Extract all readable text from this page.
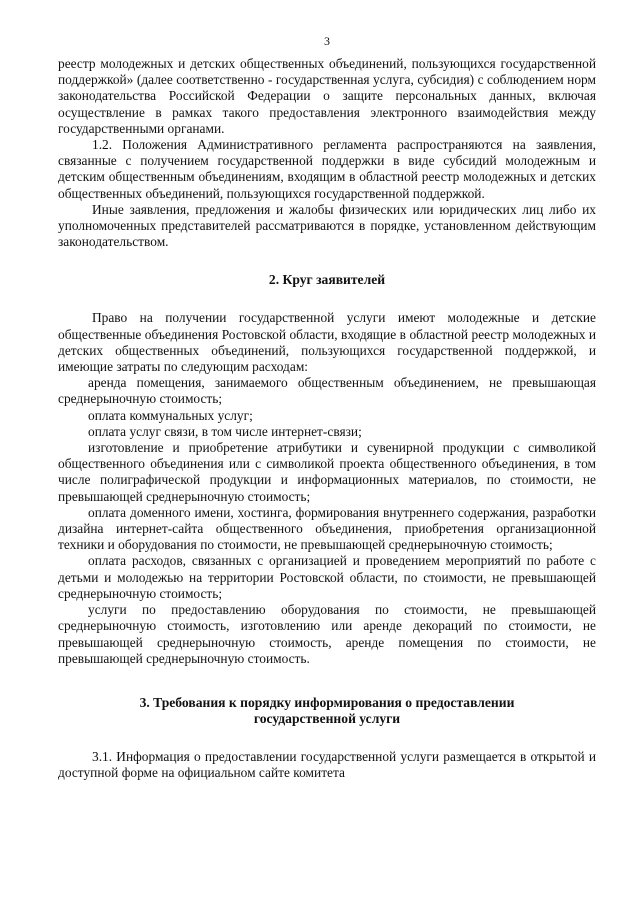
3

реестр молодежных и детских общественных объединений, пользующихся государственной поддержкой» (далее соответственно - государственная услуга, субсидия) с соблюдением норм законодательства Российской Федерации о защите персональных данных, включая осуществление в рамках такого предоставления электронного взаимодействия между государственными органами.

1.2. Положения Административного регламента распространяются на заявления, связанные с получением государственной поддержки в виде субсидий молодежным и детским общественным объединениям, входящим в областной реестр молодежных и детских общественных объединений, пользующихся государственной поддержкой.

Иные заявления, предложения и жалобы физических или юридических лиц либо их уполномоченных представителей рассматриваются в порядке, установленном действующим законодательством.

2. Круг заявителей

Право на получении государственной услуги имеют молодежные и детские общественные объединения Ростовской области, входящие в областной реестр молодежных и детских общественных объединений, пользующихся государственной поддержкой, и имеющие затраты по следующим расходам:

аренда помещения, занимаемого общественным объединением, не превышающая среднерыночную стоимость;

оплата коммунальных услуг;

оплата услуг связи, в том числе интернет-связи;

изготовление и приобретение атрибутики и сувенирной продукции с символикой общественного объединения или с символикой проекта общественного объединения, в том числе полиграфической продукции и информационных материалов, по стоимости, не превышающей среднерыночную стоимость;

оплата доменного имени, хостинга, формирования внутреннего содержания, разработки дизайна интернет-сайта общественного объединения, приобретения организационной техники и оборудования по стоимости, не превышающей среднерыночную стоимость;

оплата расходов, связанных с организацией и проведением мероприятий по работе с детьми и молодежью на территории Ростовской области, по стоимости, не превышающей среднерыночную стоимость;

услуги по предоставлению оборудования по стоимости, не превышающей среднерыночную стоимость, изготовлению или аренде декораций по стоимости, не превышающей среднерыночную стоимость, аренде помещения по стоимости, не превышающей среднерыночную стоимость.

3. Требования к порядку информирования о предоставлении
государственной услуги

3.1. Информация о предоставлении государственной услуги размещается в открытой и доступной форме на официальном сайте комитета
